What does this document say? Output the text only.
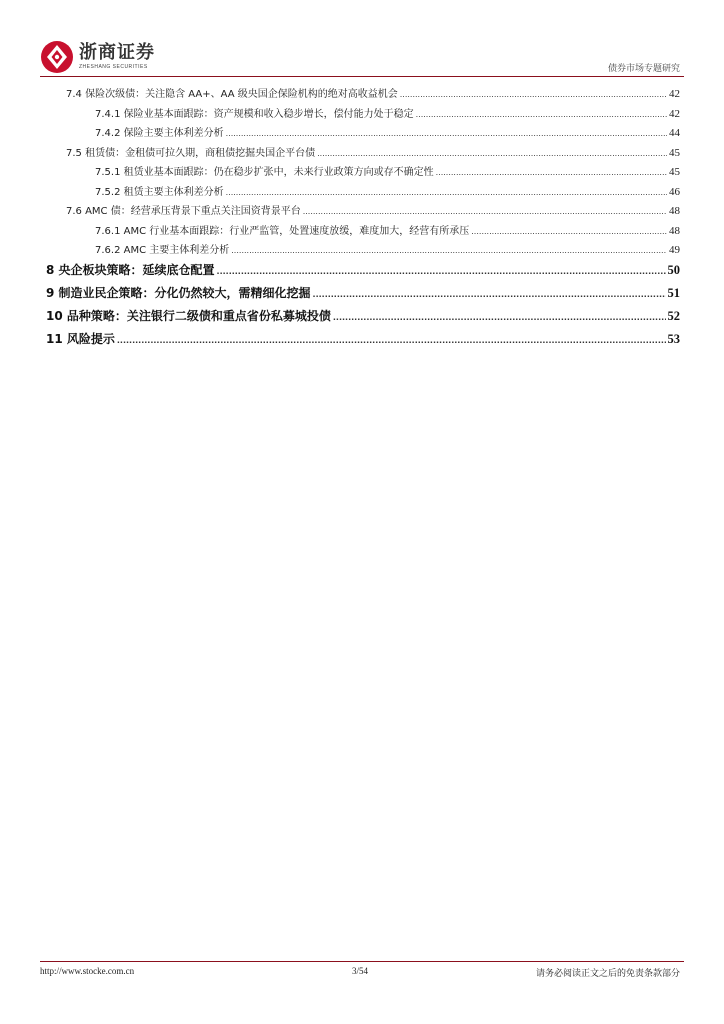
浙商证券
ZHESHANG SECURITIES	债券市场专题研究
7.4 保险次级债：关注隐含 AA+、AA 级央国企保险机构的绝对高收益机会 .....	42
7.4.1 保险业基本面跟踪：资产规模和收入稳步增长，偿付能力处于稳定 .....	42
7.4.2 保险主要主体利差分析 .....	44
7.5 租赁债：金租债可拉久期，商租债挖掘央国企平台债 .....	45
7.5.1 租赁业基本面跟踪：仍在稳步扩张中，未来行业政策方向或存不确定性 .....	45
7.5.2 租赁主要主体利差分析 .....	46
7.6 AMC 债：经营承压背景下重点关注国资背景平台 .....	48
7.6.1 AMC 行业基本面跟踪：行业严监管，处置速度放缓，难度加大，经营有所承压 .....	48
7.6.2 AMC 主要主体利差分析 .....	49
8 央企板块策略：延续底仓配置 .....	50
9 制造业民企策略：分化仍然较大，需精细化挖掘 .....	51
10 品种策略：关注银行二级债和重点省份私募城投债 .....	52
11 风险提示 .....	53
http://www.stocke.com.cn	3/54	请务必阅读正文之后的免责条款部分
